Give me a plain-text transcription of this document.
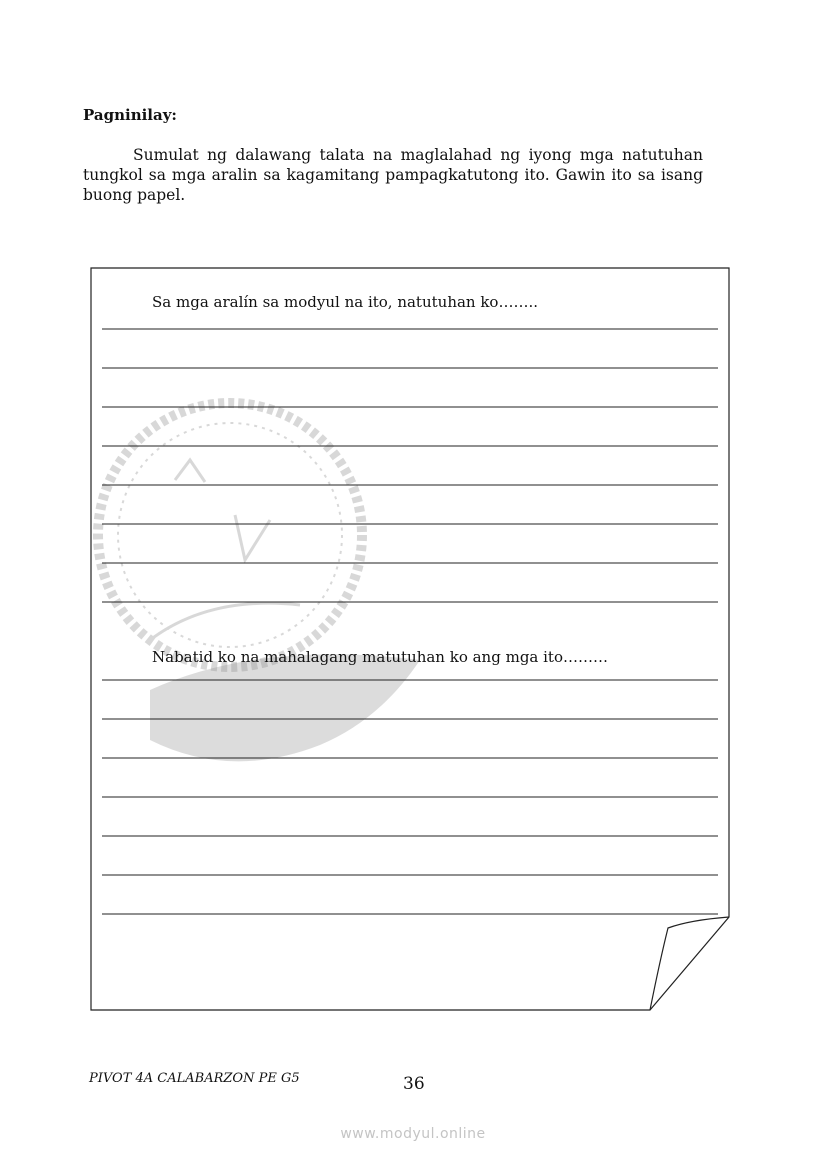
Pagninilay:

Sumulat ng dalawang talata na maglalahad ng iyong mga natutuhan tungkol sa mga aralin sa kagamitang pampagkatutong ito. Gawin ito sa isang buong papel.

Sa mga aralín sa modyul na ito, natutuhan ko……..
Nabatid ko na mahalagang matutuhan ko ang mga ito………
PIVOT 4A CALABARZON PE G5	36
www.modyul.online
